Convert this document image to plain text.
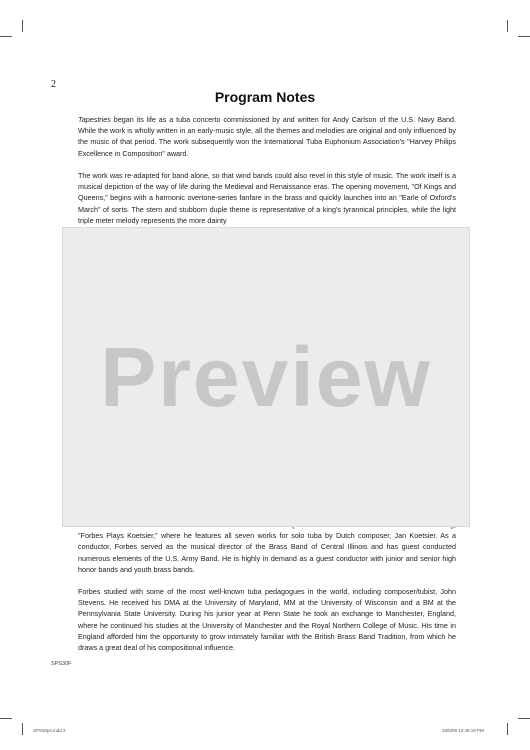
2
Program Notes

Tapestries began its life as a tuba concerto commissioned by and written for Andy Carlson of the U.S. Navy Band. While the work is wholly written in an early-music style, all the themes and melodies are original and only influenced by the music of that period. The work subsequently won the International Tuba Euphonium Association's "Harvey Philips Excellence in Composition" award.

The work was re-adapted for band alone, so that wind bands could also revel in this style of music. The work itself is a musical depiction of the way of life during the Medieval and Renaissance eras. The opening movement, "Of Kings and Queens," begins with a harmonic overtone-series fanfare in the brass and quickly launches into an "Earle of Oxford's March" of sorts. The stern and stubborn duple theme is representative of a king's tyrannical principles, while the light triple meter melody represents the more dainty

"Forbes Plays Koetsier," where he features all seven works for solo tuba by Dutch composer, Jan Koetsier. As a conductor, Forbes served as the musical director of the Brass Band of Central Illinois and has guest conducted numerous elements of the U.S. Army Band. He is highly in demand as a guest conductor with junior and senior high honor bands and youth brass bands.

Forbes studied with some of the most well-known tuba pedagogues in the world, including composer/tubist, John Stevens. He received his DMA at the University of Maryland, MM at the University of Wisconsin and a BM at the Pennsylvania State University. During his junior year at Penn State he took an exchange to Manchester, England, where he continued his studies at the University of Manchester and the Royal Northern College of Music. His time in England afforded him the opportunity to grow intimately familiar with the British Brass Band Tradition, from which he draws a great deal of his compositional influence.

Preview
SPS30F
SPS30pn.indd 2	10/5/09 12:45:19 PM
